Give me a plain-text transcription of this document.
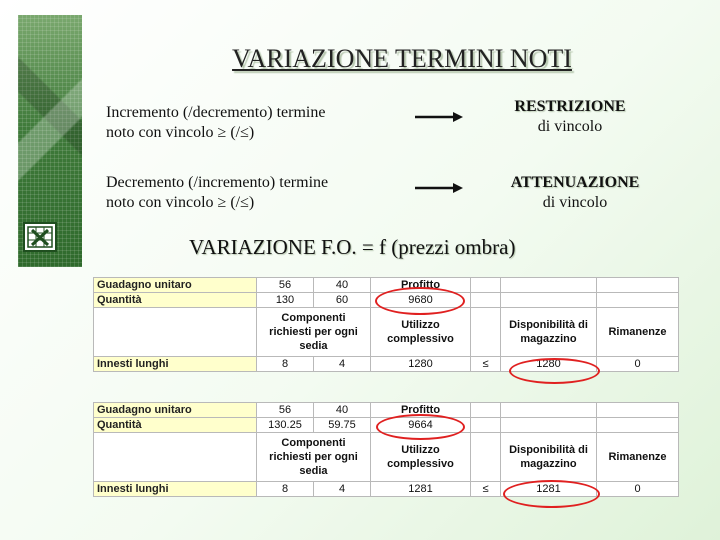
VARIAZIONE TERMINI NOTI
Incremento (/decremento) termine
noto con vincolo ≥ (/≤)
RESTRIZIONE
di vincolo
Decremento (/incremento) termine
noto con vincolo ≥ (/≤)
ATTENUAZIONE
di vincolo
VARIAZIONE F.O. = f (prezzi ombra)
Guadagno unitaro	56	40	Profitto			
Quantità	130	60	9680			
	Componenti richiesti per ogni sedia		Utilizzo complessivo		Disponibilità di magazzino	Rimanenze
Innesti lunghi	8	4	1280	≤	1280	0
Guadagno unitaro	56	40	Profitto			
Quantità	130.25	59.75	9664			
	Componenti richiesti per ogni sedia		Utilizzo complessivo		Disponibilità di magazzino	Rimanenze
Innesti lunghi	8	4	1281	≤	1281	0
